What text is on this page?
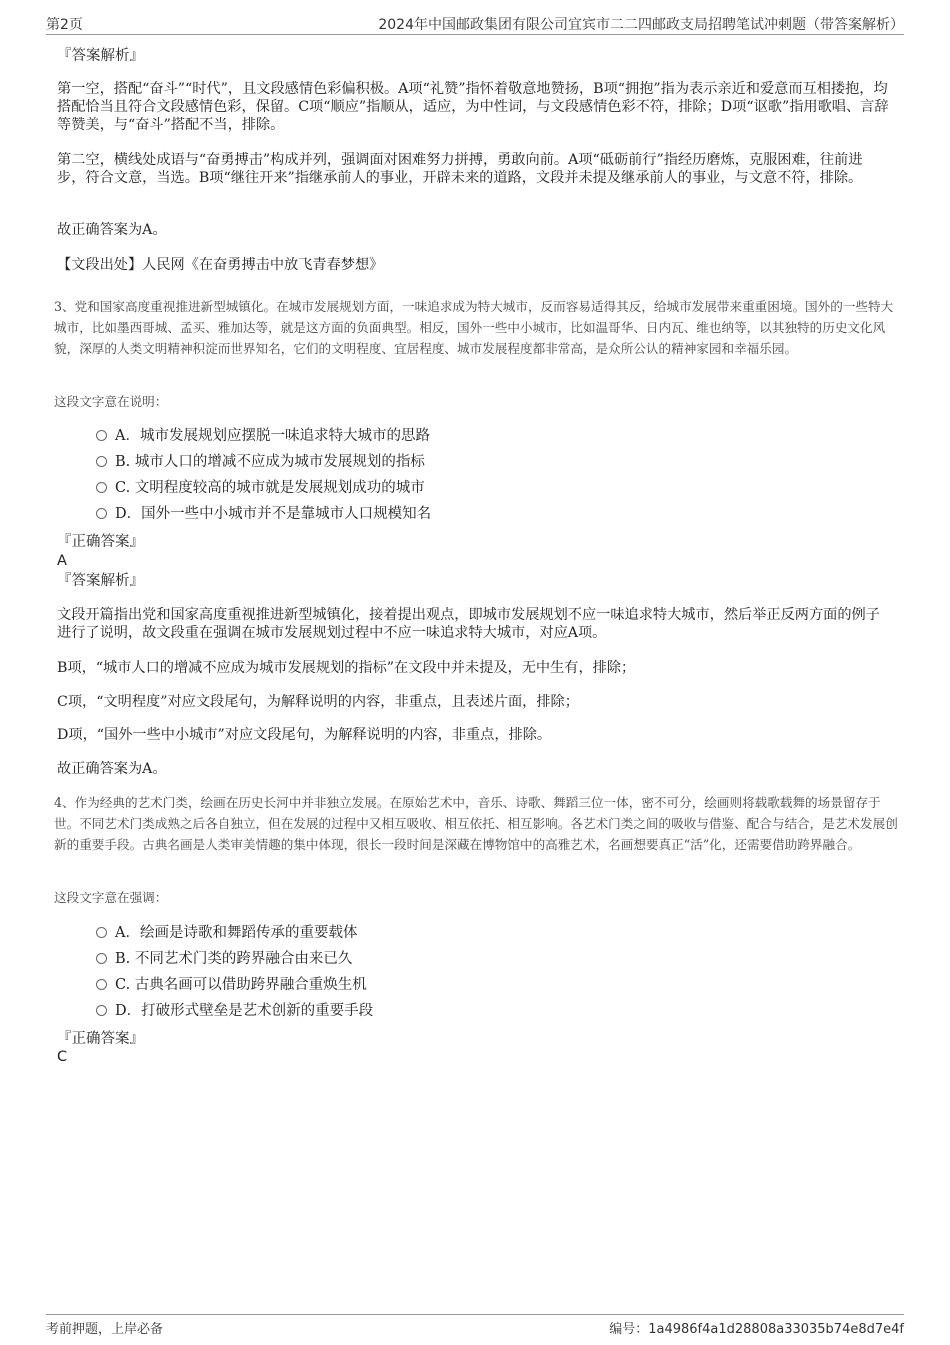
第2页	2024年中国邮政集团有限公司宜宾市二二四邮政支局招聘笔试冲刺题（带答案解析）

『答案解析』

第一空，搭配“奋斗”“时代”，且文段感情色彩偏积极。A项“礼赞”指怀着敬意地赞扬，B项“拥抱”指为表示亲近和爱意而互相搂抱，均搭配恰当且符合文段感情色彩，保留。C项“顺应”指顺从，适应，为中性词，与文段感情色彩不符，排除；D项“讴歌”指用歌唱、言辞等赞美，与“奋斗”搭配不当，排除。

第二空，横线处成语与“奋勇搏击”构成并列，强调面对困难努力拼搏，勇敢向前。A项“砥砺前行”指经历磨炼，克服困难，往前进步，符合文意，当选。B项“继往开来”指继承前人的事业，开辟未来的道路，文段并未提及继承前人的事业，与文意不符，排除。

故正确答案为A。

【文段出处】人民网《在奋勇搏击中放飞青春梦想》

3、党和国家高度重视推进新型城镇化。在城市发展规划方面，一味追求成为特大城市，反而容易适得其反，给城市发展带来重重困境。国外的一些特大城市，比如墨西哥城、孟买、雅加达等，就是这方面的负面典型。相反，国外一些中小城市，比如温哥华、日内瓦、维也纳等，以其独特的历史文化风貌，深厚的人类文明精神积淀而世界知名，它们的文明程度、宜居程度、城市发展程度都非常高，是众所公认的精神家园和幸福乐园。

这段文字意在说明：

A．城市发展规划应摆脱一味追求特大城市的思路
B. 城市人口的增减不应成为城市发展规划的指标
C. 文明程度较高的城市就是发展规划成功的城市
D．国外一些中小城市并不是靠城市人口规模知名

『正确答案』

A

『答案解析』

文段开篇指出党和国家高度重视推进新型城镇化，接着提出观点，即城市发展规划不应一味追求特大城市，然后举正反两方面的例子进行了说明，故文段重在强调在城市发展规划过程中不应一味追求特大城市，对应A项。

B项，“城市人口的增减不应成为城市发展规划的指标”在文段中并未提及，无中生有，排除；

C项，“文明程度”对应文段尾句，为解释说明的内容，非重点，且表述片面，排除；

D项，“国外一些中小城市”对应文段尾句，为解释说明的内容，非重点，排除。

故正确答案为A。

4、作为经典的艺术门类，绘画在历史长河中并非独立发展。在原始艺术中，音乐、诗歌、舞蹈三位一体，密不可分，绘画则将载歌载舞的场景留存于世。不同艺术门类成熟之后各自独立，但在发展的过程中又相互吸收、相互依托、相互影响。各艺术门类之间的吸收与借鉴、配合与结合，是艺术发展创新的重要手段。古典名画是人类审美情趣的集中体现，很长一段时间是深藏在博物馆中的高雅艺术，名画想要真正“活”化，还需要借助跨界融合。

这段文字意在强调：

A．绘画是诗歌和舞蹈传承的重要载体
B. 不同艺术门类的跨界融合由来已久
C. 古典名画可以借助跨界融合重焕生机
D．打破形式壁垒是艺术创新的重要手段

『正确答案』

C

考前押题，上岸必备	编号：1a4986f4a1d28808a33035b74e8d7e4f
